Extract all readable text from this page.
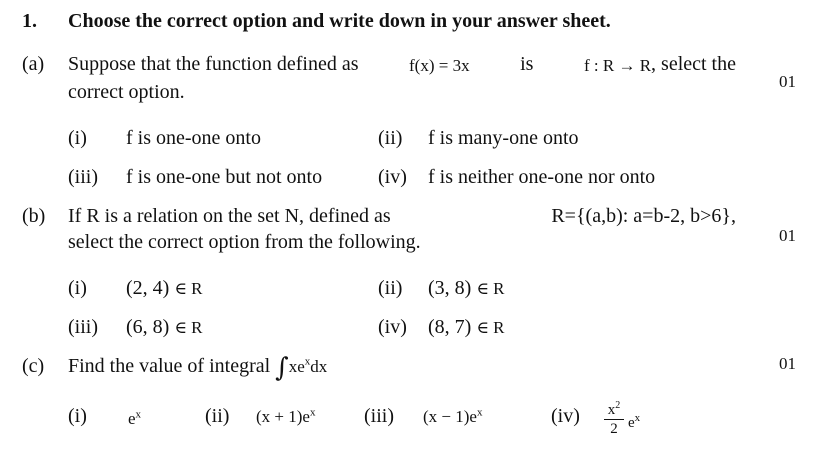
1. Choose the correct option and write down in your answer sheet.
(a) Suppose that the function defined as	f(x) = 3x	is	f : R → R , select the
correct option.	01
(i) f is one-one onto	(ii) f is many-one onto
(iii) f is one-one but not onto	(iv) f is neither one-one nor onto
(b) If R is a relation on the set N, defined as	R={(a,b): a=b-2, b>6},
select the correct option from the following.	01
(i) (2, 4) ∈ R	(ii) (3, 8) ∈ R
(iii) (6, 8) ∈ R	(iv) (8, 7) ∈ R
(c) Find the value of integral $\int xe^xdx$	01
(i) $e^x$	(ii) $(x + 1)e^x$ (iii) $(x - 1)e^x$	(iv) $x^2$
2 $e^x$
